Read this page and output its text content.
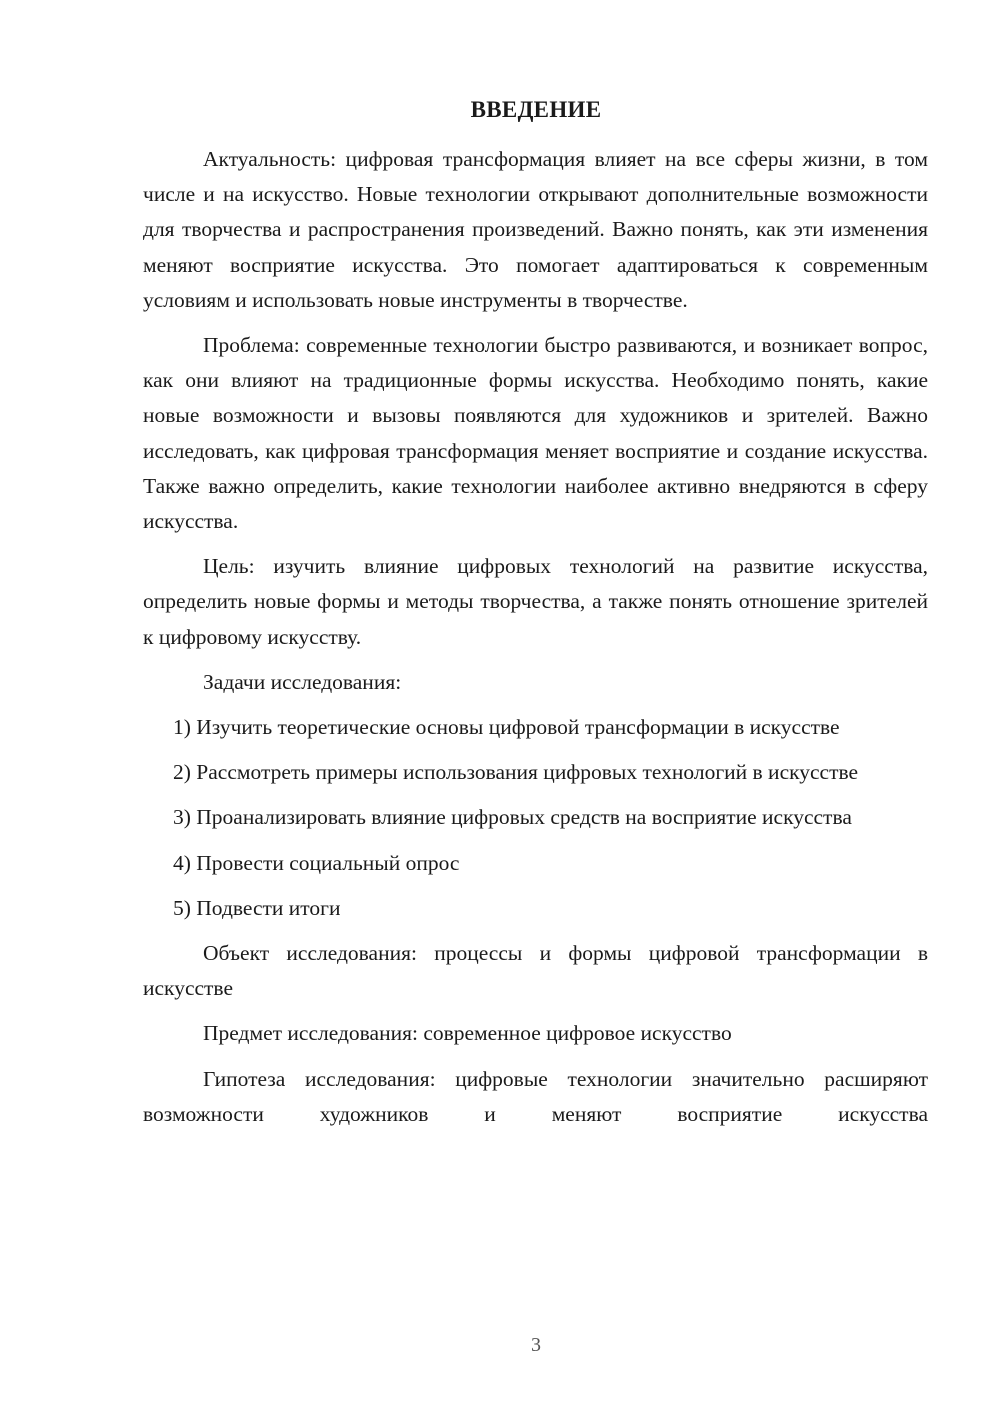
ВВЕДЕНИЕ

Актуальность: цифровая трансформация влияет на все сферы жизни, в том числе и на искусство. Новые технологии открывают дополнительные возможности для творчества и распространения произведений. Важно понять, как эти изменения меняют восприятие искусства. Это помогает адаптироваться к современным условиям и использовать новые инструменты в творчестве.

Проблема: современные технологии быстро развиваются, и возникает вопрос, как они влияют на традиционные формы искусства. Необходимо понять, какие новые возможности и вызовы появляются для художников и зрителей. Важно исследовать, как цифровая трансформация меняет восприятие и создание искусства. Также важно определить, какие технологии наиболее активно внедряются в сферу искусства.

Цель: изучить влияние цифровых технологий на развитие искусства, определить новые формы и методы творчества, а также понять отношение зрителей к цифровому искусству.

Задачи исследования:

1) Изучить теоретические основы цифровой трансформации в искусстве

2) Рассмотреть примеры использования цифровых технологий в искусстве

3) Проанализировать влияние цифровых средств на восприятие искусства

4) Провести социальный опрос

5) Подвести итоги

Объект исследования: процессы и формы цифровой трансформации в искусстве

Предмет исследования: современное цифровое искусство

Гипотеза исследования: цифровые технологии значительно расширяют возможности художников и меняют восприятие искусства

3
